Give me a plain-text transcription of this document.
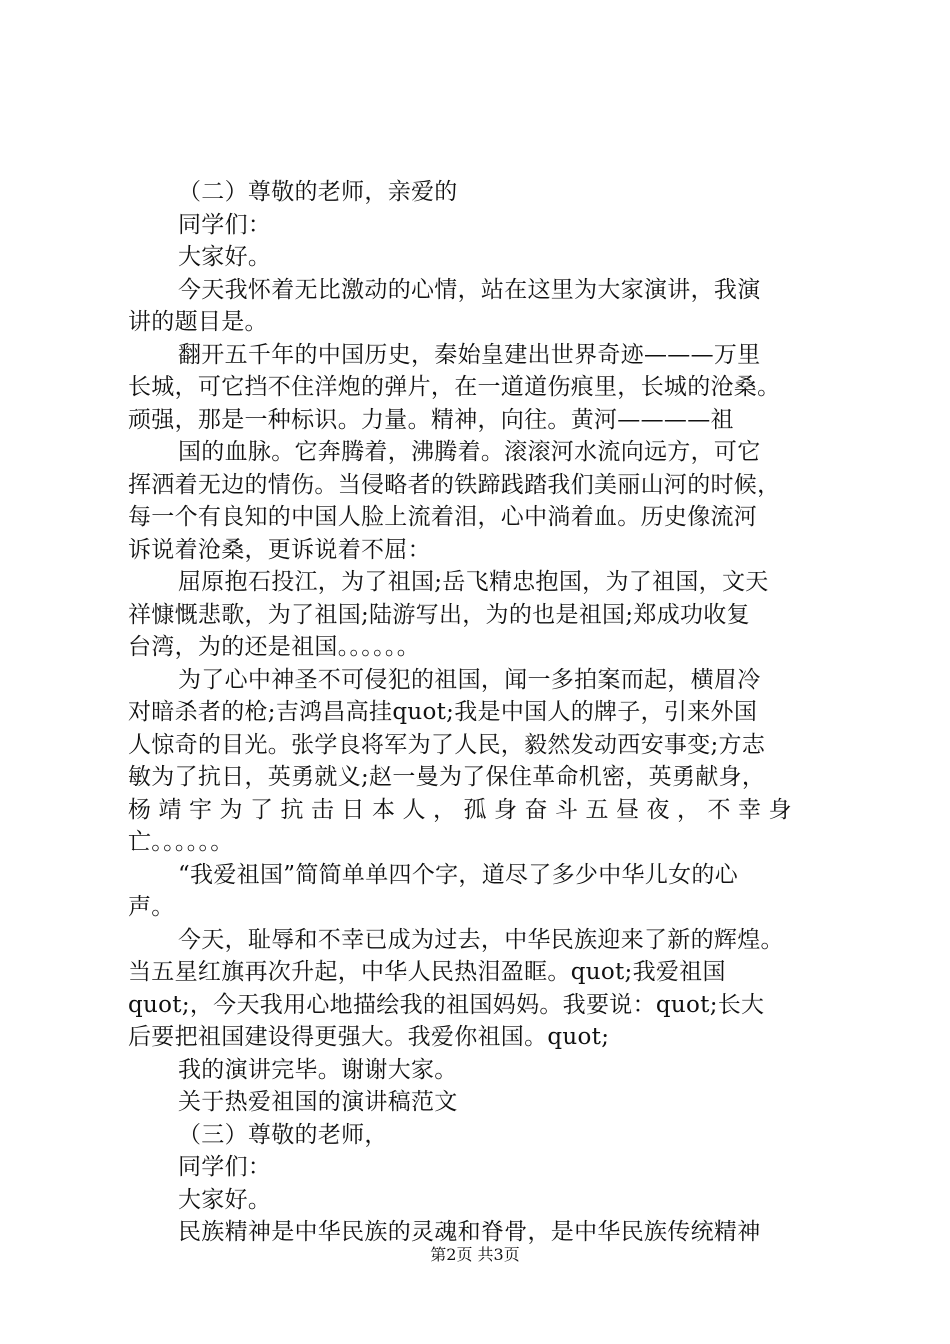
（二）尊敬的老师，亲爱的
同学们：
大家好。
今天我怀着无比激动的心情，站在这里为大家演讲，我演
讲的题目是。
翻开五千年的中国历史，秦始皇建出世界奇迹———万里
长城，可它挡不住洋炮的弹片，在一道道伤痕里，长城的沧桑。
顽强，那是一种标识。力量。精神，向往。黄河————祖
国的血脉。它奔腾着，沸腾着。滚滚河水流向远方，可它
挥洒着无边的情伤。当侵略者的铁蹄践踏我们美丽山河的时候，
每一个有良知的中国人脸上流着泪，心中淌着血。历史像流河
诉说着沧桑，更诉说着不屈：
屈原抱石投江，为了祖国;岳飞精忠抱国，为了祖国，文天
祥慷慨悲歌，为了祖国;陆游写出，为的也是祖国;郑成功收复
台湾，为的还是祖国。。。。。。
为了心中神圣不可侵犯的祖国，闻一多拍案而起，横眉冷
对暗杀者的枪;吉鸿昌高挂quot;我是中国人的牌子，引来外国
人惊奇的目光。张学良将军为了人民，毅然发动西安事变;方志
敏为了抗日，英勇就义;赵一曼为了保住革命机密，英勇献身，
杨靖宇为了抗击日本人，孤身奋斗五昼夜，不幸身
亡。。。。。。
“我爱祖国”简简单单四个字，道尽了多少中华儿女的心
声。
今天，耻辱和不幸已成为过去，中华民族迎来了新的辉煌。
当五星红旗再次升起，中华人民热泪盈眶。quot;我爱祖国
quot;，今天我用心地描绘我的祖国妈妈。我要说：quot;长大
后要把祖国建设得更强大。我爱你祖国。quot;
我的演讲完毕。谢谢大家。
关于热爱祖国的演讲稿范文
（三）尊敬的老师，
同学们：
大家好。
民族精神是中华民族的灵魂和脊骨，是中华民族传统精神
第2页 共3页
